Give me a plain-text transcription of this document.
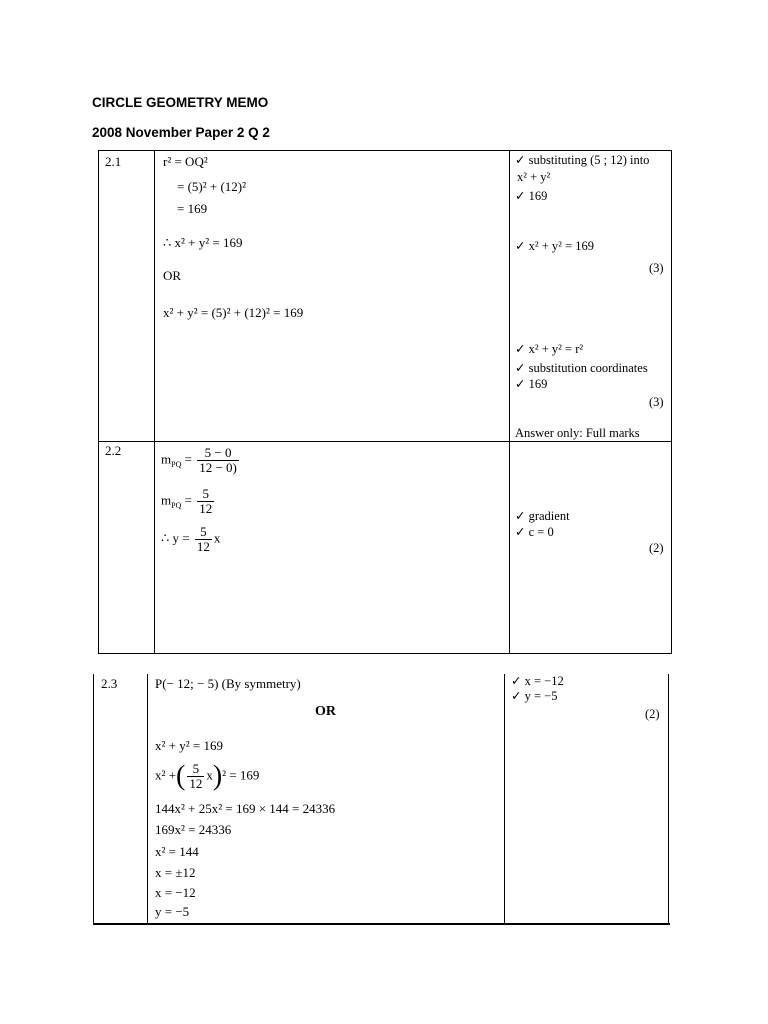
CIRCLE GEOMETRY MEMO
2008 November Paper 2 Q 2
2.1	r² = OQ²
= (5)² + (12)²
= 169
∴ x² + y² = 169
OR
x² + y² = (5)² + (12)² = 169
✓ substituting (5 ; 12) into
x² + y²
✓ 169
✓ x² + y² = 169
(3)
✓ x² + y² = r²
✓ substitution coordinates
✓ 169
(3)
Answer only: Full marks
2.2
$m_{PQ} = \frac{5 - 0}{12 - 0)}$
$m_{PQ} = \frac{5}{12}$
∴ $y = \frac{5}{12}$ x
✓ gradient
✓ c = 0
(2)
2.3	P(− 12; − 5) (By symmetry)
OR
x² + y² = 169
x² +( $\frac{5}{12} x)^2 = 169$
144x² + 25x² = 169 × 144 = 24336
169x² = 24336
x² = 144
x = ±12
x = −12
y = −5
✓ x = −12
✓ y = −5
(2)
